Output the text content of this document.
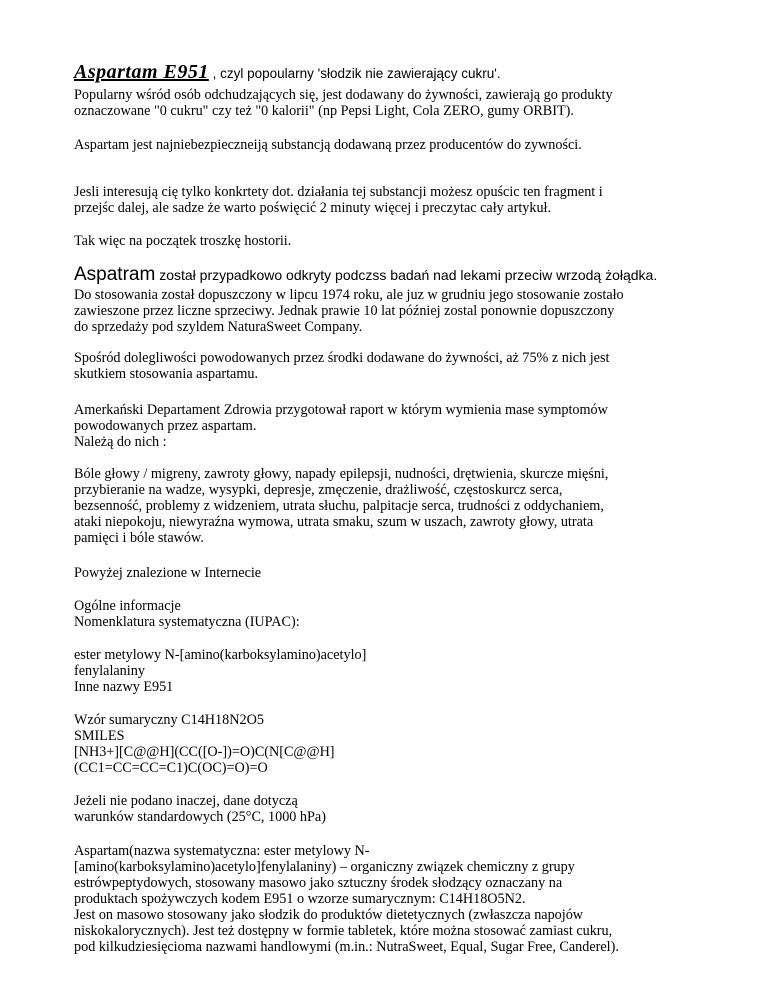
Aspartam E951 , czyl popoularny 'słodzik nie zawierający cukru'.
Popularny wśród osób odchudzających się, jest dodawany do żywności, zawierają go produkty
oznaczowane "0 cukru" czy też "0 kalorii" (np Pepsi Light, Cola ZERO, gumy ORBIT).
Aspartam jest najniebezpieczneiją substancją dodawaną przez producentów do zywności.
Jesli interesują cię tylko konkrtety dot. działania tej substancji możesz opuścic ten fragment i
przejśc dalej, ale sadze że warto poświęcić 2 minuty więcej i preczytac cały artykuł.
Tak więc na początek troszkę hostorii.
Aspatram został przypadkowo odkryty podczss badań nad lekami przeciw wrzodą żołądka.
Do stosowania został dopuszczony w lipcu 1974 roku, ale juz w grudniu jego stosowanie zostało
zawieszone przez liczne sprzeciwy. Jednak prawie 10 lat później zostal ponownie dopuszczony
do sprzedaży pod szyldem NaturaSweet Company.
Spośród dolegliwości powodowanych przez środki dodawane do żywności, aż 75% z nich jest
skutkiem stosowania aspartamu.
Amerkański Departament Zdrowia przygotował raport w którym wymienia mase symptomów
powodowanych przez aspartam.
Należą do nich :
Bóle głowy / migreny, zawroty głowy, napady epilepsji, nudności, drętwienia, skurcze mięśni,
przybieranie na wadze, wysypki, depresje, zmęczenie, drażliwość, częstoskurcz serca,
bezsenność, problemy z widzeniem, utrata słuchu, palpitacje serca, trudności z oddychaniem,
ataki niepokoju, niewyraźna wymowa, utrata smaku, szum w uszach, zawroty głowy, utrata
pamięci i bóle stawów.
Powyżej znalezione w Internecie
Ogólne informacje
Nomenklatura systematyczna (IUPAC):
ester metylowy N-[amino(karboksylamino)acetylo]
fenylalaniny
Inne nazwy E951
Wzór sumaryczny C14H18N2O5
SMILES
[NH3+][C@@H](CC([O-])=O)C(N[C@@H]
(CC1=CC=CC=C1)C(OC)=O)=O
Jeżeli nie podano inaczej, dane dotyczą
warunków standardowych (25°C, 1000 hPa)
Aspartam(nazwa systematyczna: ester metylowy N-
[amino(karboksylamino)acetylo]fenylalaniny) – organiczny związek chemiczny z grupy
estrówpeptydowych, stosowany masowo jako sztuczny środek słodzący oznaczany na
produktach spożywczych kodem E951 o wzorze sumarycznym: C14H18O5N2.
Jest on masowo stosowany jako słodzik do produktów dietetycznych (zwłaszcza napojów
niskokalorycznych). Jest też dostępny w formie tabletek, które można stosować zamiast cukru,
pod kilkudziesięcioma nazwami handlowymi (m.in.: NutraSweet, Equal, Sugar Free, Canderel).
